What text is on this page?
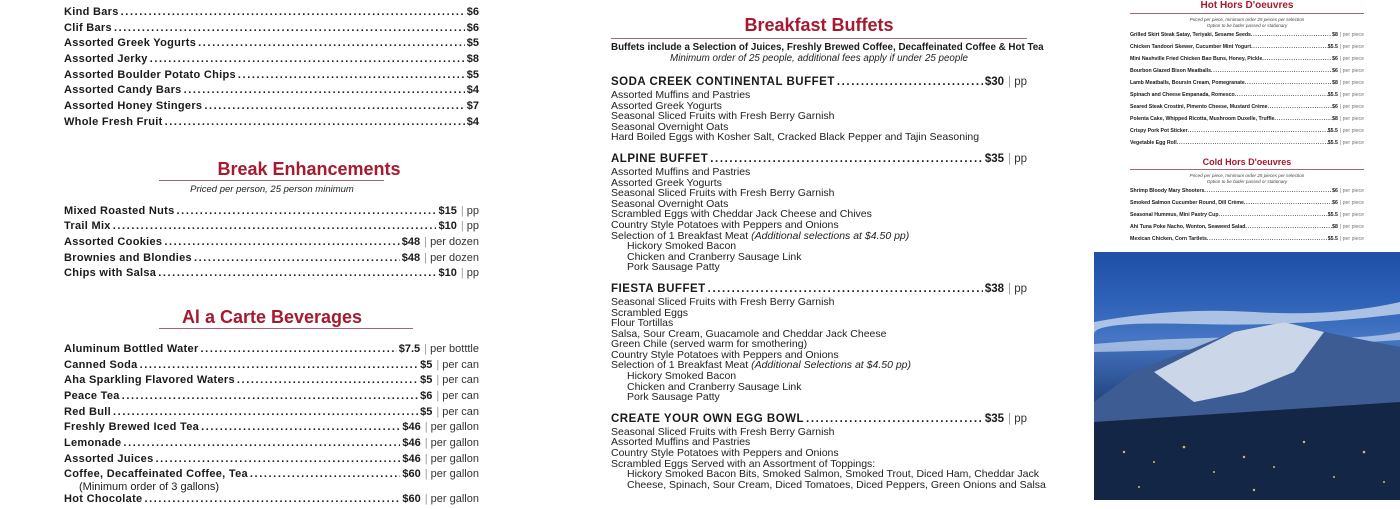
Kind Bars .....	$6
Clif Bars .....	$6
Assorted Greek Yogurts .....	$5
Assorted Jerky .....	$8
Assorted Boulder Potato Chips .....	$5
Assorted Candy Bars .....	$4
Assorted Honey Stingers .....	$7
Whole Fresh Fruit .....	$4
Break Enhancements
Priced per person, 25 person minimum
Mixed Roasted Nuts .....	$15 | pp
Trail Mix .....	$10 | pp
Assorted Cookies .....	$48 | per dozen
Brownies and Blondies .....	$48 | per dozen
Chips with Salsa .....	$10 | pp
Al a Carte Beverages
Aluminum Bottled Water .....	$7.5 | per botttle
Canned Soda .....	$5 | per can
Aha Sparkling Flavored Waters .....	$5 | per can
Peace Tea .....	$6 | per can
Red Bull .....	$5 | per can
Freshly Brewed Iced Tea .....	$46 | per gallon
Lemonade .....	$46 | per gallon
Assorted Juices .....	$46 | per gallon
Coffee, Decaffeinated Coffee, Tea .....	$60 | per gallon
(Minimum order of 3 gallons)
Hot Chocolate .....	$60 | per gallon
Breakfast Buffets
Buffets include a Selection of Juices, Freshly Brewed Coffee, Decaffeinated Coffee & Hot Tea
Minimum order of 25 people, additional fees apply if under 25 people
SODA CREEK CONTINENTAL BUFFET .....	$30 | pp
Assorted Muffins and Pastries
Assorted Greek Yogurts
Seasonal Sliced Fruits with Fresh Berry Garnish
Seasonal Overnight Oats
Hard Boiled Eggs with Kosher Salt, Cracked Black Pepper and Tajin Seasoning
ALPINE BUFFET .....	$35 | pp
Assorted Muffins and Pastries
Assorted Greek Yogurts
Seasonal Sliced Fruits with Fresh Berry Garnish
Seasonal Overnight Oats
Scrambled Eggs with Cheddar Jack Cheese and Chives
Country Style Potatoes with Peppers and Onions
Selection of 1 Breakfast Meat (Additional selections at $4.50 pp)
Hickory Smoked Bacon
Chicken and Cranberry Sausage Link
Pork Sausage Patty
FIESTA BUFFET .....	$38 | pp
Seasonal Sliced Fruits with Fresh Berry Garnish
Scrambled Eggs
Flour Tortillas
Salsa, Sour Cream, Guacamole and Cheddar Jack Cheese
Green Chile (served warm for smothering)
Country Style Potatoes with Peppers and Onions
Selection of 1 Breakfast Meat (Additional Selections at $4.50 pp)
Hickory Smoked Bacon
Chicken and Cranberry Sausage Link
Pork Sausage Patty
CREATE YOUR OWN EGG BOWL .....	$35 | pp
Seasonal Sliced Fruits with Fresh Berry Garnish
Assorted Muffins and Pastries
Country Style Potatoes with Peppers and Onions
Scrambled Eggs Served with an Assortment of Toppings:
Hickory Smoked Bacon Bits, Smoked Salmon, Smoked Trout, Diced Ham, Cheddar Jack
Cheese, Spinach, Sour Cream, Diced Tomatoes, Diced Peppers, Green Onions and Salsa
Hot Hors D'oeuvres
Priced per piece, minimum order 25 pieces per selection
Option to be butler passed or stationary
Grilled Skirt Steak Satay, Teriyaki, Sesame Seeds .....	$8 | per piece
Chicken Tandoori Skewer, Cucumber Mint Yogurt .....	$5.5 | per piece
Mini Nashville Fried Chicken Bao Buns, Honey, Pickle .....	$6 | per piece
Bourbon Glazed Bison Meatballs .....	$6 | per piece
Lamb Meatballs, Boursin Cream, Pomegranate .....	$8 | per piece
Spinach and Cheese Empanada, Romesco .....	$5.5 | per piece
Seared Steak Crostini, Pimento Cheese, Mustard Crème .....	$6 | per piece
Polenta Cake, Whipped Ricotta, Mushroom Duxelle, Truffle .....	$8 | per piece
Crispy Pork Pot Sticker .....	$5.5 | per piece
Vegetable Egg Roll .....	$5.5 | per piece
Cold Hors D'oeuvres
Priced per piece, minimum order 25 pieces per selection
Option to be butler passed or stationary
Shrimp Bloody Mary Shooters .....	$6 | per piece
Smoked Salmon Cucumber Round, Dill Crème .....	$6 | per piece
Seasonal Hummus, Mini Pastry Cup .....	$5.5 | per piece
Ahi Tuna Poke Nacho, Wonton, Seaweed Salad .....	$8 | per piece
Mexican Chicken, Corn Tartlets .....	$5.5 | per piece
